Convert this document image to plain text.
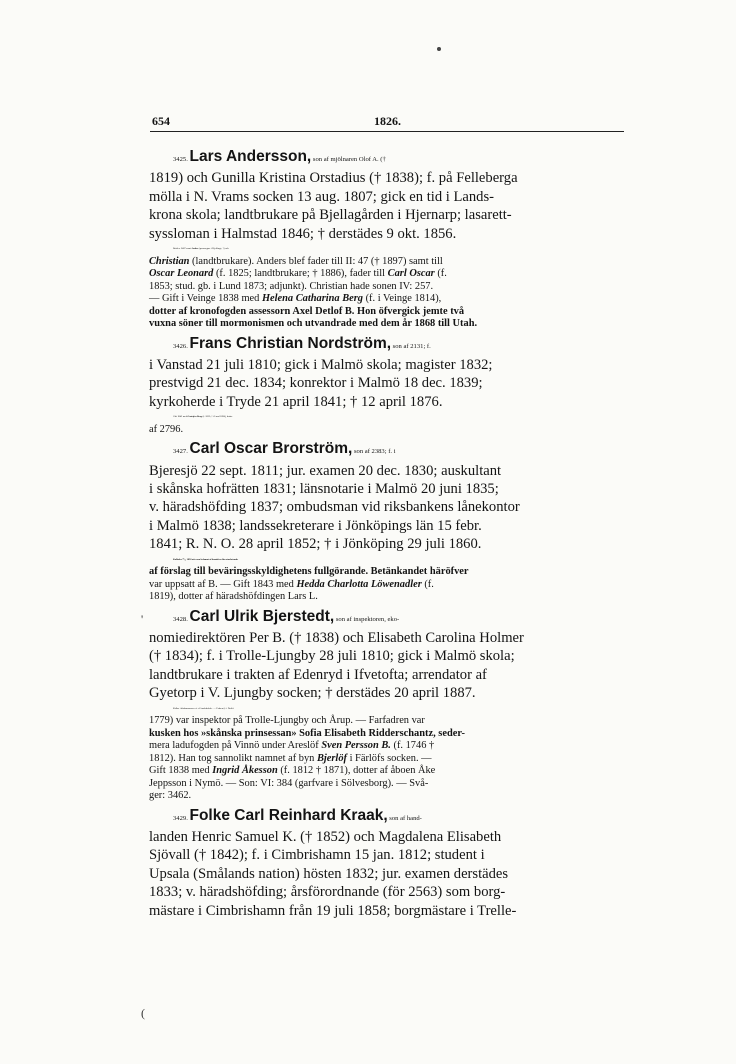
654	1826.
'
(
3425. Lars Andersson, son af mjölnaren Olof A. (†
1819) och Gunilla Kristina Orstadius († 1838); f. på Fellebergа
mölla i N. Vrams socken 13 aug. 1807; gick en tid i Lands-
krona skola; landtbrukare på Bjellagården i Hjernarp; lasarett-
syssloman i Halmstad 1846; † derstädes 9 okt. 1856.
Bröder: 3487 samt Anders (qvarnegare i Kjeflinge; †) och
Christian (landtbrukare). Anders blef fader till II: 47 († 1897) samt till
Oscar Leonard (f. 1825; landtbrukare; † 1886), fader till Carl Oscar (f.
1853; stud. gb. i Lund 1873; adjunkt). Christian hade sonen IV: 257.
— Gift i Veinge 1838 med Helena Catharina Berg (f. i Veinge 1814),
dotter af kronofogden assessorn Axel Detlof B. Hon öfvergick jemte två
vuxna söner till mormonismen och utvandrade med dem år 1868 till Utah.
3426. Frans Christian Nordström, son af 2131; f.
i Vanstad 21 juli 1810; gick i Malmö skola; magister 1832;
prestvigd 21 dec. 1834; konrektor i Malmö 18 dec. 1839;
kyrkoherde i Tryde 21 april 1841; † 12 april 1876.
Gift 1842 med Gustafva Borg (f. 1823; † i Lund 1894), dotter
af 2796.
3427. Carl Oscar Brorström, son af 2383; f. i
Bjeresjö 22 sept. 1811; jur. examen 20 dec. 1830; auskultant
i skånska hofrätten 1831; länsnotarie i Malmö 20 juni 1835;
v. häradshöfding 1837; ombudsman vid riksbankens lånekontor
i Malmö 1838; landssekreterare i Jönköpings län 15 febr.
1841; R. N. O. 28 april 1852; † i Jönköping 29 juli 1860.
Kallades ²⁷/₁₀ 1858 att vara ledamot af komitéen för utarbetande
af förslag till beväringsskyldighetens fullgörande. Betänkandet häröfver
var uppsatt af B. — Gift 1843 med Hedda Charlotta Löwenadler (f.
1819), dotter af häradshöfdingen Lars L.
3428. Carl Ulrik Bjerstedt, son af inspektoren, eko-
nomiedirektören Per B. († 1838) och Elisabeth Carolina Holmer
(† 1834); f. i Trolle-Ljungby 28 juli 1810; gick i Malmö skola;
landtbrukare i trakten af Edenryd i Ifvetofta; arrendator af
Gyetorp i V. Ljungby socken; † derstädes 20 april 1887.
Kallas i dödsannonsen »f. d. landsfiskal». — Fadren (f. i Färlöf
1779) var inspektor på Trolle-Ljungby och Årup. — Farfadren var
kusken hos »skånska prinsessan» Sofia Elisabeth Ridderschantz, seder-
mera ladufogden på Vinnö under Areslöf Sven Persson B. (f. 1746 †
1812). Han tog sannolikt namnet af byn Bjerlöf i Färlöfs socken. —
Gift 1838 med Ingrid Åkesson (f. 1812 † 1871), dotter af åboen Åke
Jeppsson i Nymö. — Son: VI: 384 (garfvare i Sölvesborg). — Svå-
ger: 3462.
3429. Folke Carl Reinhard Kraak, son af hand-
landen Henric Samuel K. († 1852) och Magdalena Elisabeth
Sjövall († 1842); f. i Cimbrishamn 15 jan. 1812; student i
Upsala (Smålands nation) hösten 1832; jur. examen derstädes
1833; v. häradshöfding; årsförordnande (för 2563) som borg-
mästare i Cimbrishamn från 19 juli 1858; borgmästare i Trelle-
